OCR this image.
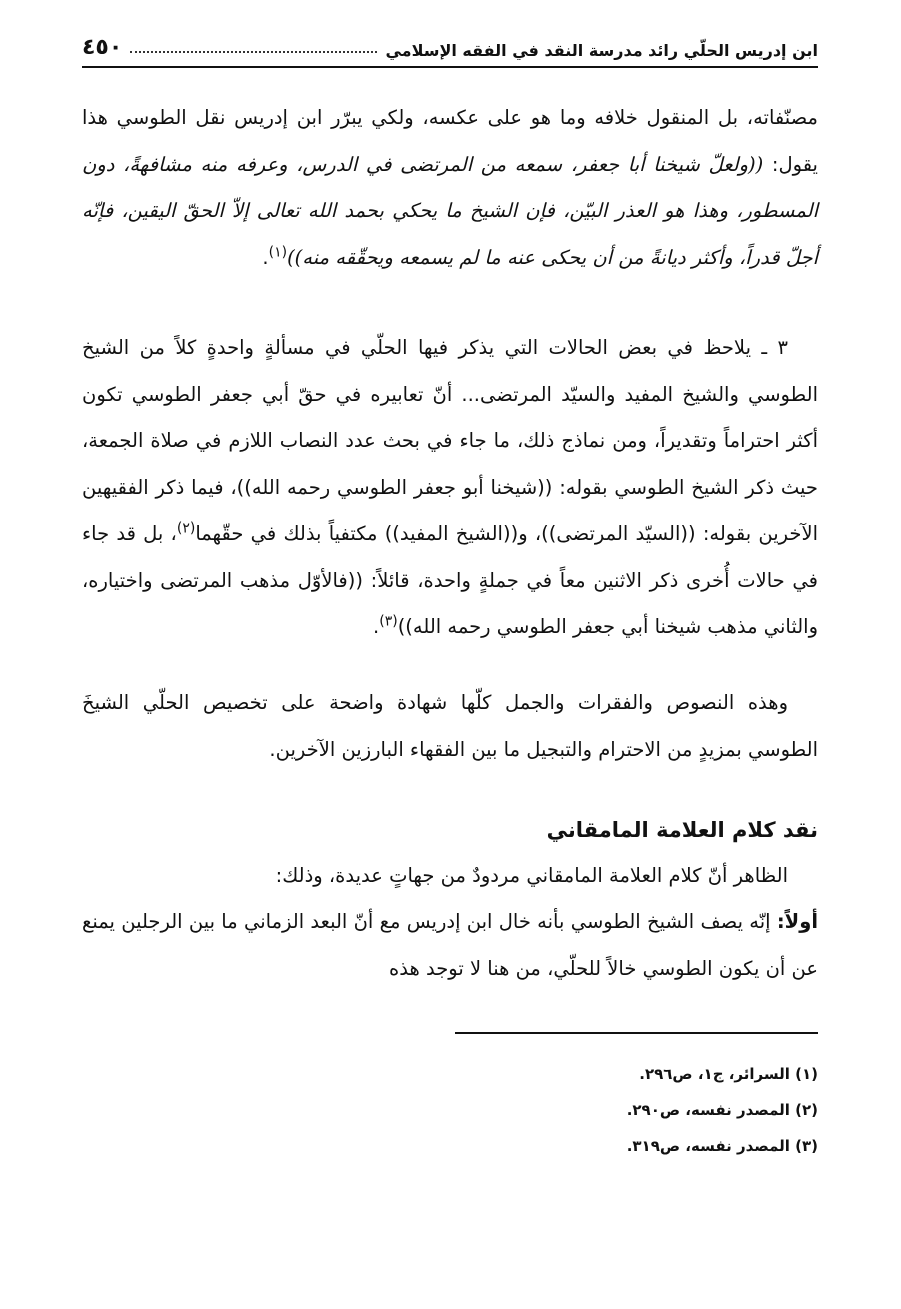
ابن إدريس الحلّي رائد مدرسة النقد في الفقه الإسلامي
٤٥٠
مصنّفاته، بل المنقول خلافه وما هو على عكسه، ولكي يبرّر ابن إدريس نقل الطوسي هذا يقول: ((ولعلّ شيخنا أبا جعفر، سمعه من المرتضى في الدرس، وعرفه منه مشافهةً، دون المسطور، وهذا هو العذر البيّن، فإن الشيخ ما يحكي بحمد الله تعالى إلاّ الحقّ اليقين، فإنّه أجلّ قدراً، وأكثر ديانةً من أن يحكى عنه ما لم يسمعه ويحقّقه منه))$^{(١)}$.
٣ ـ يلاحظ في بعض الحالات التي يذكر فيها الحلّي في مسألةٍ واحدةٍ كلاً من الشيخ الطوسي والشيخ المفيد والسيّد المرتضى... أنّ تعابيره في حقّ أبي جعفر الطوسي تكون أكثر احتراماً وتقديراً، ومن نماذج ذلك، ما جاء في بحث عدد النصاب اللازم في صلاة الجمعة، حيث ذكر الشيخ الطوسي بقوله: ((شيخنا أبو جعفر الطوسي رحمه الله))، فيما ذكر الفقيهين الآخرين بقوله: ((السيّد المرتضى))، و((الشيخ المفيد)) مكتفياً بذلك في حقّهما$^{(٢)}$، بل قد جاء في حالات أُخرى ذكر الاثنين معاً في جملةٍ واحدة، قائلاً: ((فالأوّل مذهب المرتضى واختياره، والثاني مذهب شيخنا أبي جعفر الطوسي رحمه الله))$^{(٣)}$.
وهذه النصوص والفقرات والجمل كلّها شهادة واضحة على تخصيص الحلّي الشيخَ الطوسي بمزيدٍ من الاحترام والتبجيل ما بين الفقهاء البارزين الآخرين.
نقد كلام العلامة المامقاني
الظاهر أنّ كلام العلامة المامقاني مردودٌ من جهاتٍ عديدة، وذلك:
أولاً: إنّه يصف الشيخ الطوسي بأنه خال ابن إدريس مع أنّ البعد الزماني ما بين الرجلين يمنع عن أن يكون الطوسي خالاً للحلّي، من هنا لا توجد هذه
(١) السرائر، ج١، ص٢٩٦.
(٢) المصدر نفسه، ص٢٩٠.
(٣) المصدر نفسه، ص٣١٩.
